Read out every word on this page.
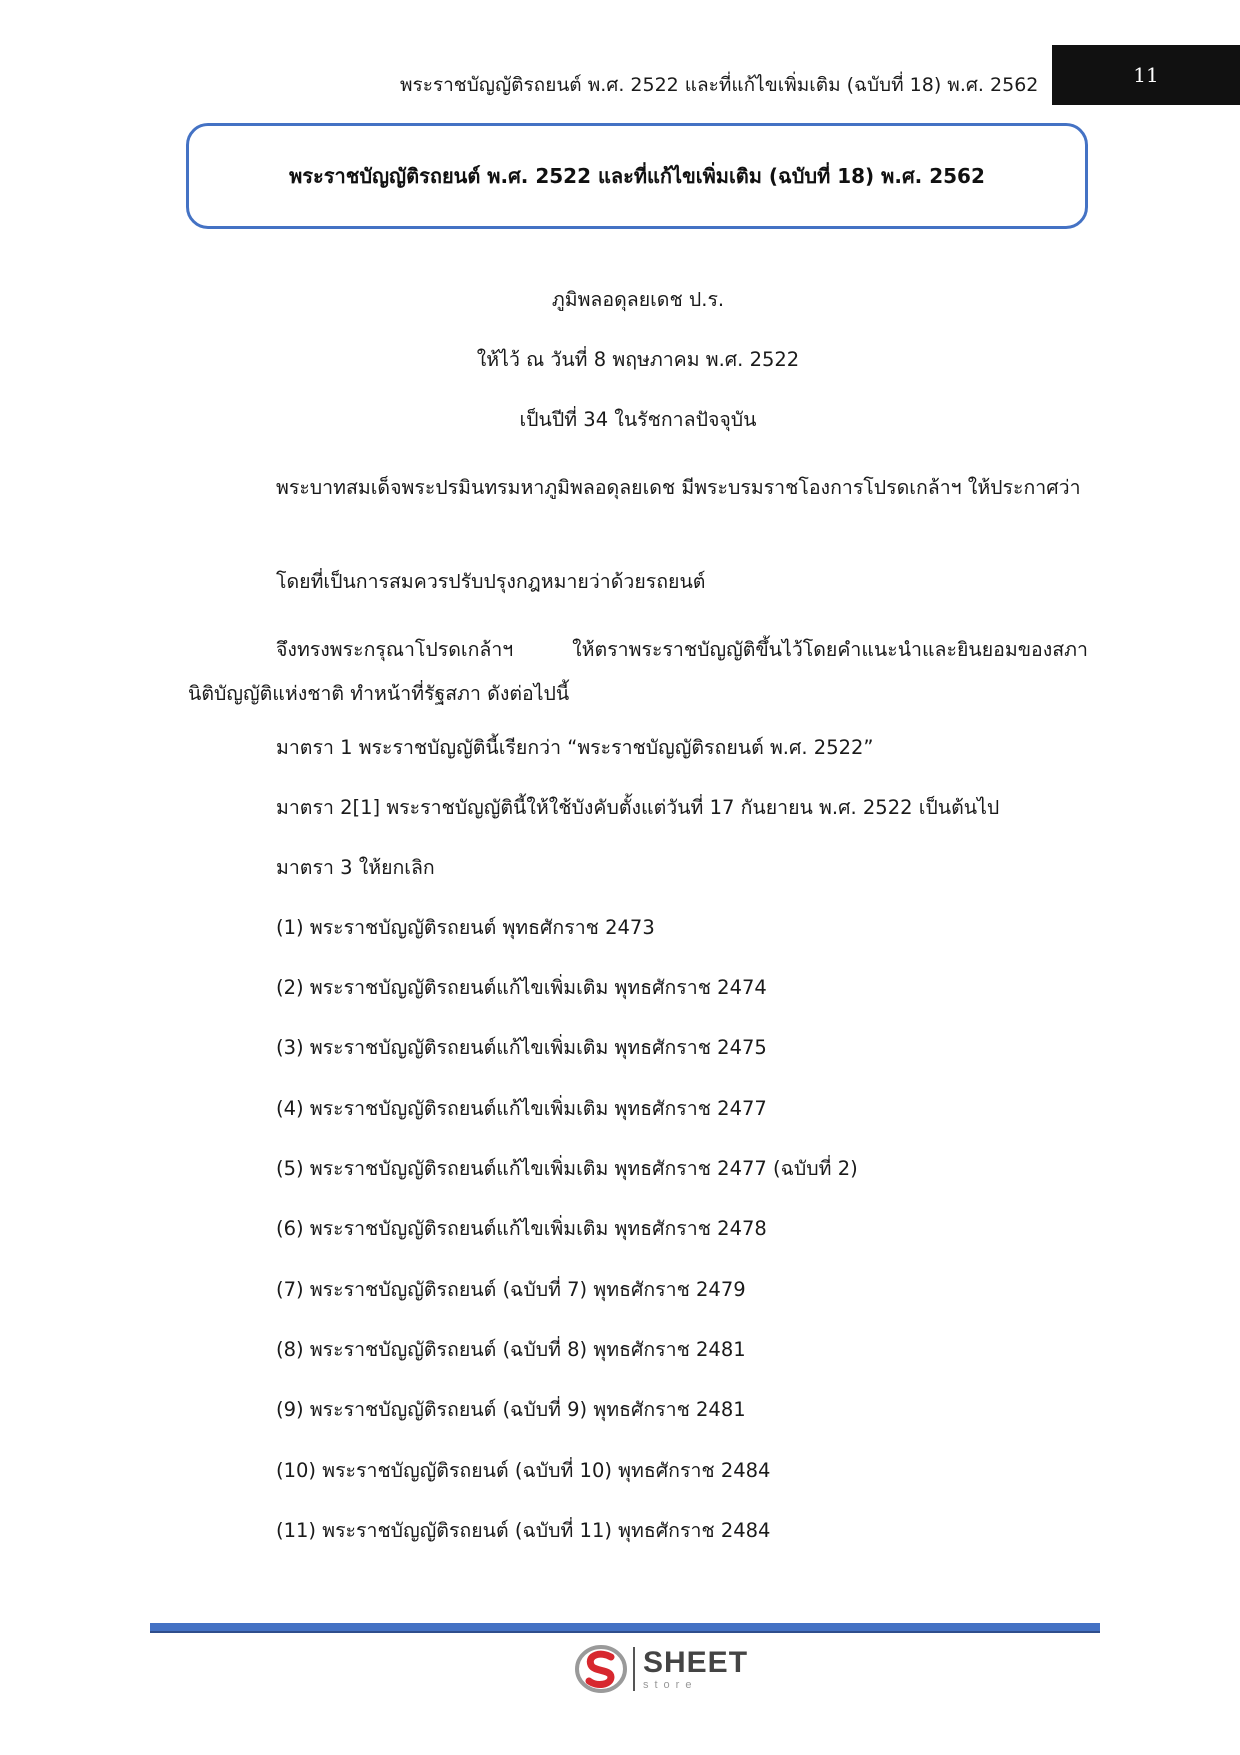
พระราชบัญญัติรถยนต์ พ.ศ. 2522 และที่แก้ไขเพิ่มเติม (ฉบับที่ 18) พ.ศ. 2562	11
พระราชบัญญัติรถยนต์ พ.ศ. 2522 และที่แก้ไขเพิ่มเติม (ฉบับที่ 18) พ.ศ. 2562
ภูมิพลอดุลยเดช ป.ร.
ให้ไว้ ณ วันที่ 8 พฤษภาคม พ.ศ. 2522
เป็นปีที่ 34 ในรัชกาลปัจจุบัน
พระบาทสมเด็จพระปรมินทรมหาภูมิพลอดุลยเดช มีพระบรมราชโองการโปรดเกล้าฯ ให้ประกาศว่า
โดยที่เป็นการสมควรปรับปรุงกฎหมายว่าด้วยรถยนต์
จึงทรงพระกรุณาโปรดเกล้าฯ ให้ตราพระราชบัญญัติขึ้นไว้โดยคำแนะนำและยินยอมของสภานิติบัญญัติแห่งชาติ ทำหน้าที่รัฐสภา ดังต่อไปนี้
มาตรา 1 พระราชบัญญัตินี้เรียกว่า “พระราชบัญญัติรถยนต์ พ.ศ. 2522”
มาตรา 2[1] พระราชบัญญัตินี้ให้ใช้บังคับตั้งแต่วันที่ 17 กันยายน พ.ศ. 2522 เป็นต้นไป
มาตรา 3 ให้ยกเลิก
(1) พระราชบัญญัติรถยนต์ พุทธศักราช 2473
(2) พระราชบัญญัติรถยนต์แก้ไขเพิ่มเติม พุทธศักราช 2474
(3) พระราชบัญญัติรถยนต์แก้ไขเพิ่มเติม พุทธศักราช 2475
(4) พระราชบัญญัติรถยนต์แก้ไขเพิ่มเติม พุทธศักราช 2477
(5) พระราชบัญญัติรถยนต์แก้ไขเพิ่มเติม พุทธศักราช 2477 (ฉบับที่ 2)
(6) พระราชบัญญัติรถยนต์แก้ไขเพิ่มเติม พุทธศักราช 2478
(7) พระราชบัญญัติรถยนต์ (ฉบับที่ 7) พุทธศักราช 2479
(8) พระราชบัญญัติรถยนต์ (ฉบับที่ 8) พุทธศักราช 2481
(9) พระราชบัญญัติรถยนต์ (ฉบับที่ 9) พุทธศักราช 2481
(10) พระราชบัญญัติรถยนต์ (ฉบับที่ 10) พุทธศักราช 2484
(11) พระราชบัญญัติรถยนต์ (ฉบับที่ 11) พุทธศักราช 2484
SHEET
store
